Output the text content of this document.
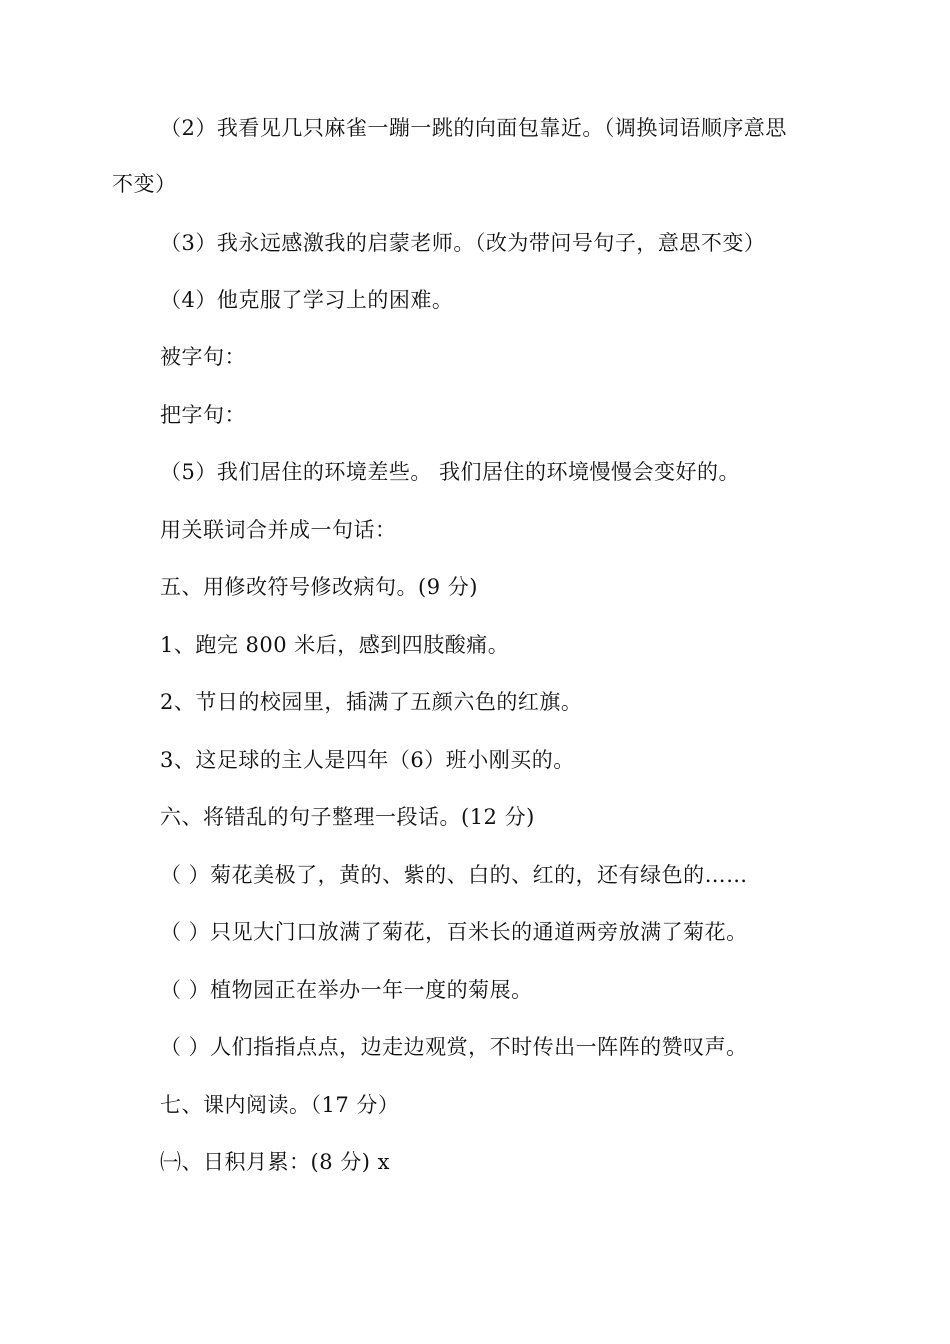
（2）我看见几只麻雀一蹦一跳的向面包靠近。（调换词语顺序意思
不变）
（3）我永远感激我的启蒙老师。（改为带问号句子，意思不变）
（4）他克服了学习上的困难。
被字句：
把字句：
（5）我们居住的环境差些。 我们居住的环境慢慢会变好的。
用关联词合并成一句话：
五、用修改符号修改病句。(9 分)
1、跑完 800 米后，感到四肢酸痛。
2、节日的校园里，插满了五颜六色的红旗。
3、这足球的主人是四年（6）班小刚买的。
六、将错乱的句子整理一段话。(12 分)
（ ）菊花美极了，黄的、紫的、白的、红的，还有绿色的……
（ ）只见大门口放满了菊花，百米长的通道两旁放满了菊花。
（ ）植物园正在举办一年一度的菊展。
（ ）人们指指点点，边走边观赏，不时传出一阵阵的赞叹声。
七、课内阅读。（17 分）
㈠、日积月累：(8 分) x
